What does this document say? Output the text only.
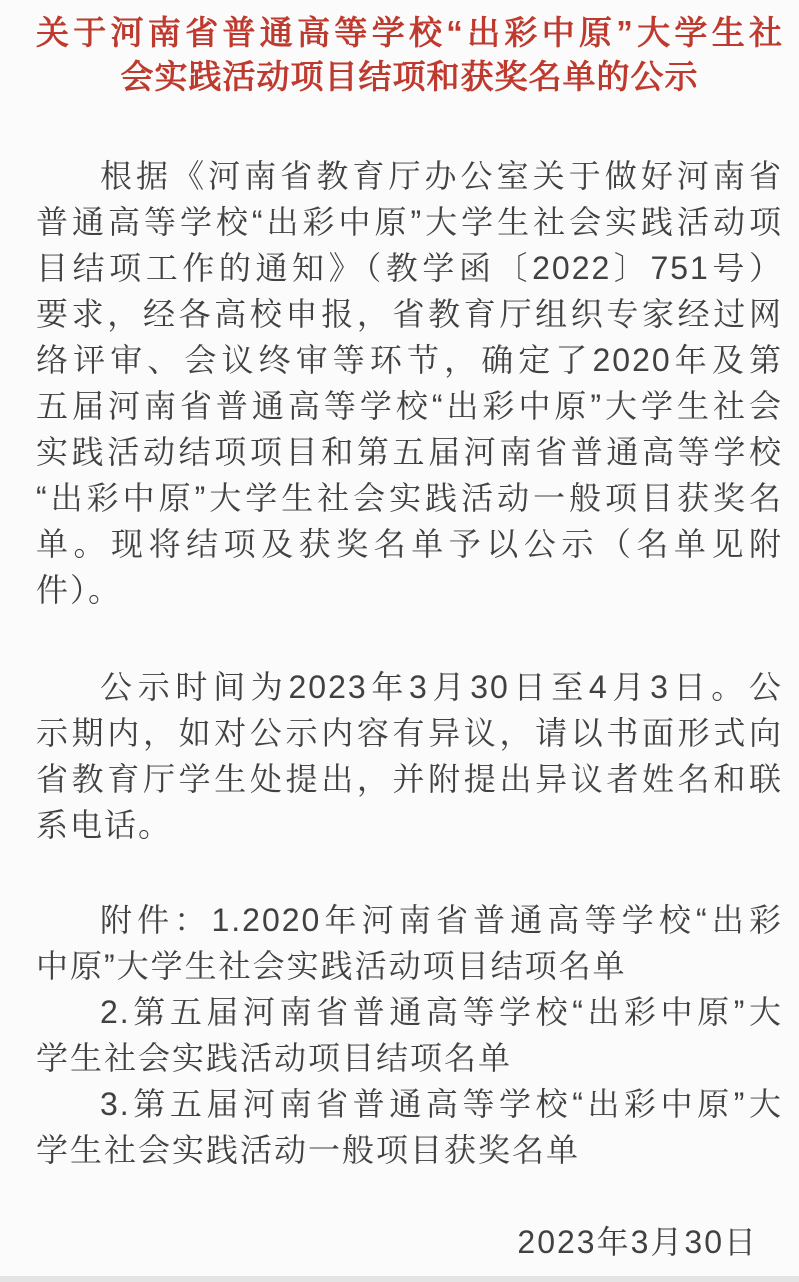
关于河南省普通高等学校“出彩中原”大学生社
会实践活动项目结项和获奖名单的公示
根据《河南省教育厅办公室关于做好河南省
普通高等学校“出彩中原”大学生社会实践活动项
目结项工作的通知》（教学函〔2022〕751号）
要求，经各高校申报，省教育厅组织专家经过网
络评审、会议终审等环节，确定了2020年及第
五届河南省普通高等学校“出彩中原”大学生社会
实践活动结项项目和第五届河南省普通高等学校
“出彩中原”大学生社会实践活动一般项目获奖名
单。现将结项及获奖名单予以公示（名单见附
件）。
公示时间为2023年3月30日至4月3日。公
示期内，如对公示内容有异议，请以书面形式向
省教育厅学生处提出，并附提出异议者姓名和联
系电话。
附件：1.2020年河南省普通高等学校“出彩
中原”大学生社会实践活动项目结项名单
2.第五届河南省普通高等学校“出彩中原”大
学生社会实践活动项目结项名单
3.第五届河南省普通高等学校“出彩中原”大
学生社会实践活动一般项目获奖名单
2023年3月30日
